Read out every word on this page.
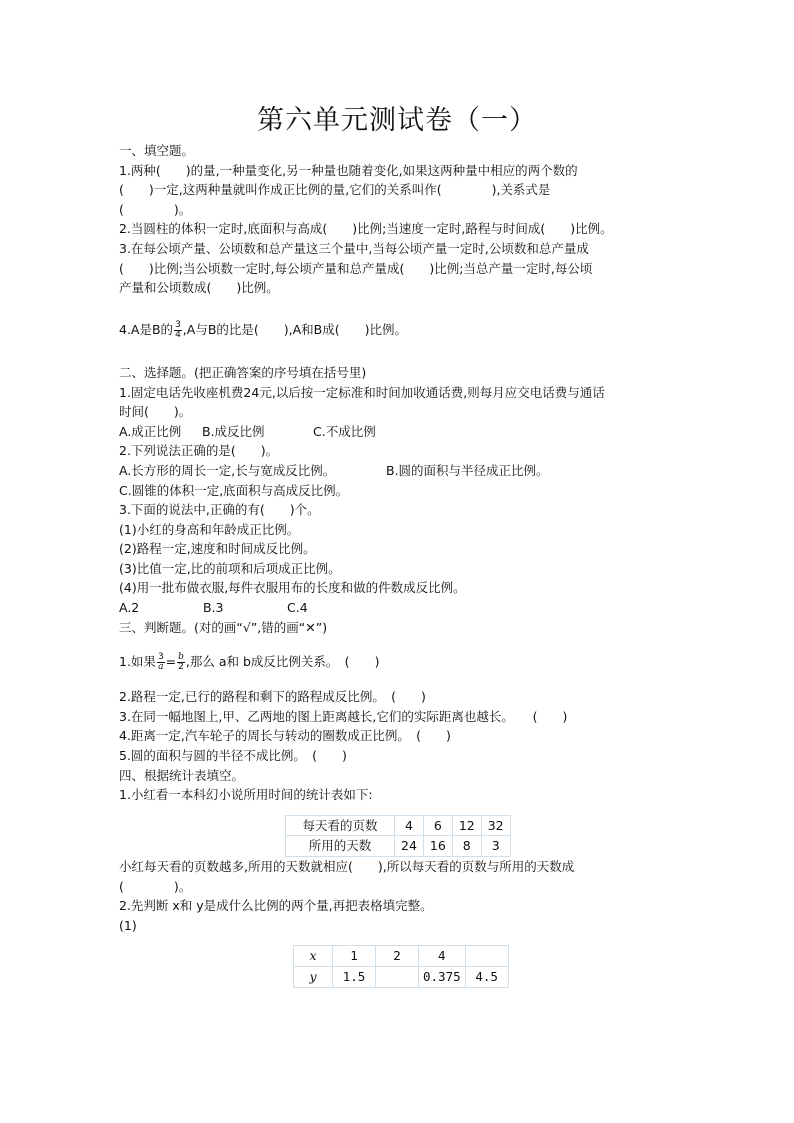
第六单元测试卷（一）

一、填空题。

1.两种(　　)的量,一种量变化,另一种量也随着变化,如果这两种量中相应的两个数的

(　　)一定,这两种量就叫作成正比例的量,它们的关系叫作(　　　　),关系式是

(　　　　)。

2.当圆柱的体积一定时,底面积与高成(　　)比例;当速度一定时,路程与时间成(　　)比例。

3.在每公顷产量、公顷数和总产量这三个量中,当每公顷产量一定时,公顷数和总产量成

(　　)比例;当公顷数一定时,每公顷产量和总产量成(　　)比例;当总产量一定时,每公顷

产量和公顷数成(　　)比例。

4.A是B的 $\frac{3}{4} ,A$与B的比是(　　),A和B成(　　)比例。

二、选择题。(把正确答案的序号填在括号里)

1.固定电话先收座机费24元,以后按一定标准和时间加收通话费,则每月应交电话费与通话

时间(　　)。

A.成正比例 B.成反比例	C.不成比例

2.下列说法正确的是(　　)。

A.长方形的周长一定,长与宽成反比例。	B.圆的面积与半径成正比例。

C.圆锥的体积一定,底面积与高成反比例。

3.下面的说法中,正确的有(　　)个。

(1)小红的身高和年龄成正比例。

(2)路程一定,速度和时间成反比例。

(3)比值一定,比的前项和后项成正比例。

(4)用一批布做衣服,每件衣服用布的长度和做的件数成反比例。

A.2	B.3	C.4

三、判断题。(对的画“√”,错的画“✕”)

1.如果 $\frac{3}{a} = \frac{b}{2}$ ,那么 a和 b成反比例关系。　(　　)

2.路程一定,已行的路程和剩下的路程成反比例。　(　　)

3.在同一幅地图上,甲、乙两地的图上距离越长,它们的实际距离也越长。　　(　　)

4.距离一定,汽车轮子的周长与转动的圈数成正比例。　(　　)

5.圆的面积与圆的半径不成比例。　(　　)

四、根据统计表填空。

1.小红看一本科幻小说所用时间的统计表如下:

每天看的页数	4	6	12	32
所用的天数	24	16	8	3

小红每天看的页数越多,所用的天数就相应(　　),所以每天看的页数与所用的天数成

(　　　　)。

2.先判断 x和 y是成什么比例的两个量,再把表格填完整。

(1)

x	1	2	4	
y	1.5		0.375	4.5
